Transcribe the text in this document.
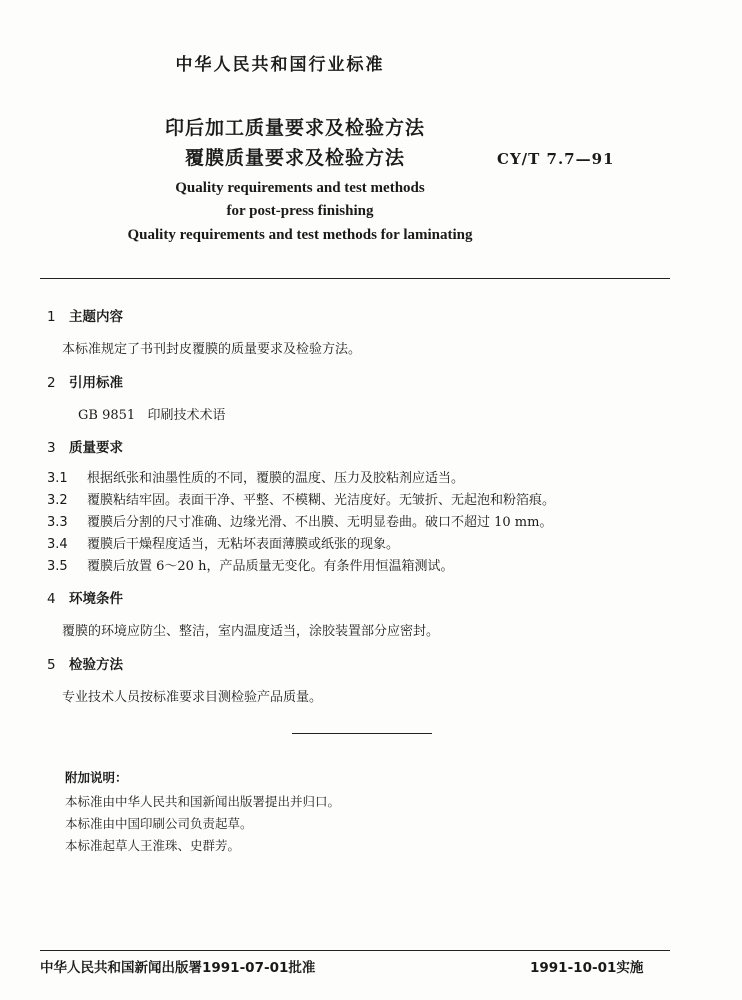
中华人民共和国行业标准
印后加工质量要求及检验方法
覆膜质量要求及检验方法	CY/T 7.7—91
Quality requirements and test methods
for post-press finishing
Quality requirements and test methods for laminating
1 主题内容
本标准规定了书刊封皮覆膜的质量要求及检验方法。
2 引用标准
GB 9851   印刷技术术语
3 质量要求
3.1 根据纸张和油墨性质的不同，覆膜的温度、压力及胶粘剂应适当。
3.2 覆膜粘结牢固。表面干净、平整、不模糊、光洁度好。无皱折、无起泡和粉箔痕。
3.3 覆膜后分割的尺寸准确、边缘光滑、不出膜、无明显卷曲。破口不超过 10 mm。
3.4 覆膜后干燥程度适当，无粘坏表面薄膜或纸张的现象。
3.5 覆膜后放置 6～20 h，产品质量无变化。有条件用恒温箱测试。
4 环境条件
覆膜的环境应防尘、整洁，室内温度适当，涂胶装置部分应密封。
5 检验方法
专业技术人员按标准要求目测检验产品质量。
附加说明：
本标准由中华人民共和国新闻出版署提出并归口。
本标准由中国印刷公司负责起草。
本标准起草人王淮珠、史群芳。
中华人民共和国新闻出版署1991-07-01批准	1991-10-01实施
